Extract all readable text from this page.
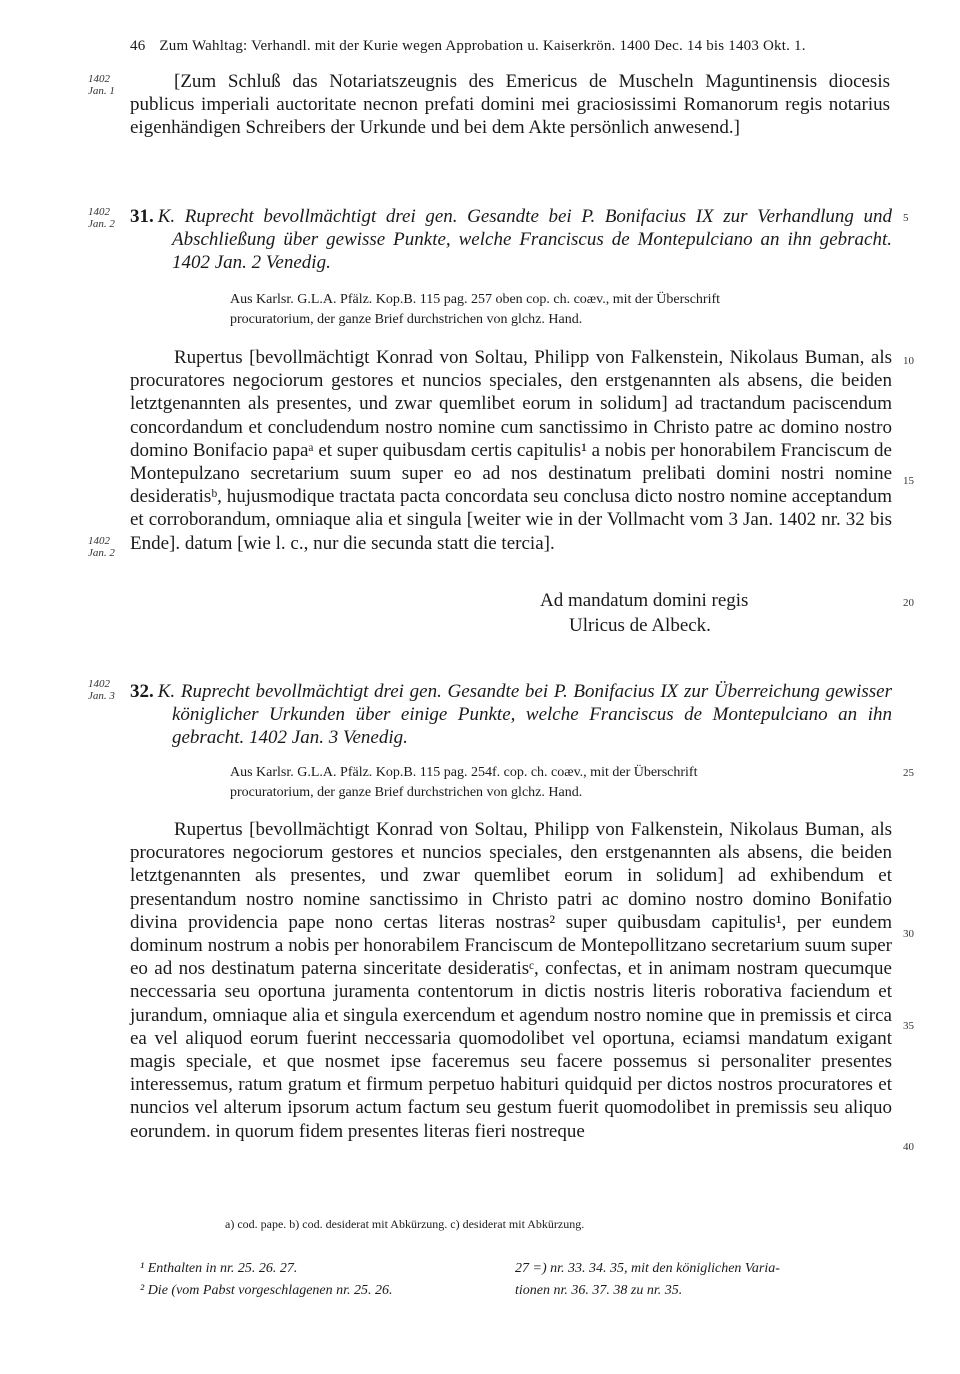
46 Zum Wahltag: Verhandl. mit der Kurie wegen Approbation u. Kaiserkrön. 1400 Dec. 14 bis 1403 Okt. 1.
1402
Jan. 1
1402
Jan. 2
1402
Jan. 2
1402
Jan. 3
5
10
15
20
25
30
35
40
[Zum Schluß das Notariatszeugnis des Emericus de Muscheln Maguntinensis diocesis publicus imperiali auctoritate necnon prefati domini mei graciosissimi Romanorum regis notarius eigenhändigen Schreibers der Urkunde und bei dem Akte persönlich anwesend.]
31. K. Ruprecht bevollmächtigt drei gen. Gesandte bei P. Bonifacius IX zur Verhandlung und Abschließung über gewisse Punkte, welche Franciscus de Montepulciano an ihn gebracht. 1402 Jan. 2 Venedig.
Aus Karlsr. G.L.A. Pfälz. Kop.B. 115 pag. 257 oben cop. ch. coæv., mit der Überschrift
procuratorium, der ganze Brief durchstrichen von glchz. Hand.
Rupertus [bevollmächtigt Konrad von Soltau, Philipp von Falkenstein, Nikolaus Buman, als procuratores negociorum gestores et nuncios speciales, den erstgenannten als absens, die beiden letztgenannten als presentes, und zwar quemlibet eorum in solidum] ad tractandum paciscendum concordandum et concludendum nostro nomine cum sanctissimo in Christo patre ac domino nostro domino Bonifacio papaᵃ et super quibusdam certis capitulis¹ a nobis per honorabilem Franciscum de Montepulzano secretarium suum super eo ad nos destinatum prelibati domini nostri nomine desideratisᵇ, hujusmodique tractata pacta concordata seu conclusa dicto nostro nomine acceptandum et corroborandum, omniaque alia et singula [weiter wie in der Vollmacht vom 3 Jan. 1402 nr. 32 bis Ende]. datum [wie l. c., nur die secunda statt die tercia].
Ad mandatum domini regis
Ulricus de Albeck.
32. K. Ruprecht bevollmächtigt drei gen. Gesandte bei P. Bonifacius IX zur Überreichung gewisser königlicher Urkunden über einige Punkte, welche Franciscus de Montepulciano an ihn gebracht. 1402 Jan. 3 Venedig.
Aus Karlsr. G.L.A. Pfälz. Kop.B. 115 pag. 254f. cop. ch. coæv., mit der Überschrift
procuratorium, der ganze Brief durchstrichen von glchz. Hand.
Rupertus [bevollmächtigt Konrad von Soltau, Philipp von Falkenstein, Nikolaus Buman, als procuratores negociorum gestores et nuncios speciales, den erstgenannten als absens, die beiden letztgenannten als presentes, und zwar quemlibet eorum in solidum] ad exhibendum et presentandum nostro nomine sanctissimo in Christo patri ac domino nostro domino Bonifatio divina providencia pape nono certas literas nostras² super quibusdam capitulis¹, per eundem dominum nostrum a nobis per honorabilem Franciscum de Montepollitzano secretarium suum super eo ad nos destinatum paterna sinceritate desideratisᶜ, confectas, et in animam nostram quecumque neccessaria seu oportuna juramenta contentorum in dictis nostris literis roborativa faciendum et jurandum, omniaque alia et singula exercendum et agendum nostro nomine que in premissis et circa ea vel aliquod eorum fuerint neccessaria quomodolibet vel oportuna, eciamsi mandatum exigant magis speciale, et que nosmet ipse faceremus seu facere possemus si personaliter presentes interessemus, ratum gratum et firmum perpetuo habituri quidquid per dictos nostros procuratores et nuncios vel alterum ipsorum actum factum seu gestum fuerit quomodolibet in premissis seu aliquo eorundem. in quorum fidem presentes literas fieri nostreque
a) cod. pape. b) cod. desiderat mit Abkürzung. c) desiderat mit Abkürzung.
¹ Enthalten in nr. 25. 26. 27.
² Die (vom Pabst vorgeschlagenen nr. 25. 26.
27 =) nr. 33. 34. 35, mit den königlichen Varia-
tionen nr. 36. 37. 38 zu nr. 35.
